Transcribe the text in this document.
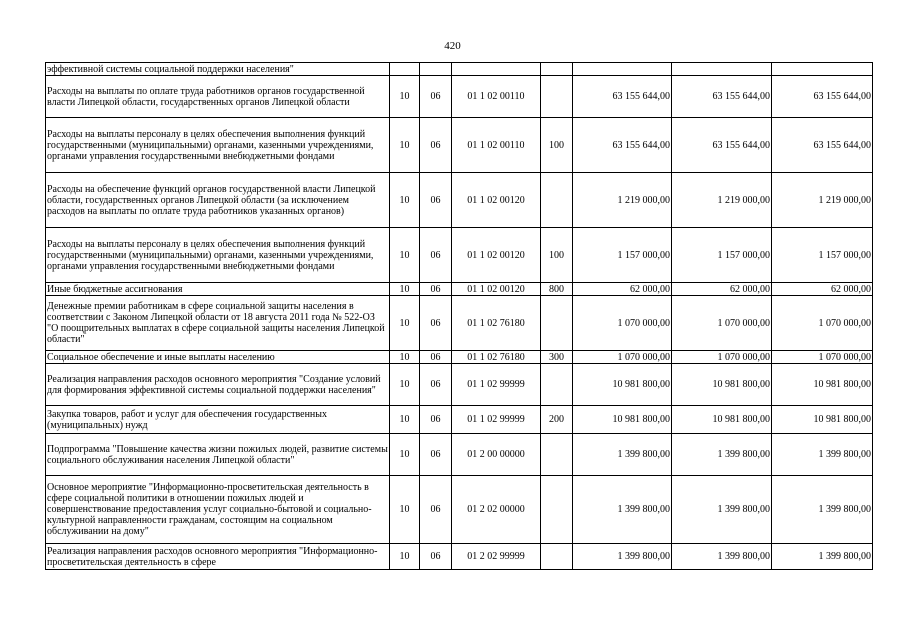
420
эффективной системы социальной поддержки населения"							
Расходы на выплаты по оплате труда работников органов государственной власти Липецкой области, государственных органов Липецкой области	10	06	01 1 02 00110		63 155 644,00	63 155 644,00	63 155 644,00
Расходы на выплаты персоналу в целях обеспечения выполнения функций государственными (муниципальными) органами, казенными учреждениями, органами управления государственными внебюджетными фондами	10	06	01 1 02 00110	100	63 155 644,00	63 155 644,00	63 155 644,00
Расходы на обеспечение функций органов государственной власти Липецкой области, государственных органов Липецкой области (за исключением расходов на выплаты по оплате труда работников указанных органов)	10	06	01 1 02 00120		1 219 000,00	1 219 000,00	1 219 000,00
Расходы на выплаты персоналу в целях обеспечения выполнения функций государственными (муниципальными) органами, казенными учреждениями, органами управления государственными внебюджетными фондами	10	06	01 1 02 00120	100	1 157 000,00	1 157 000,00	1 157 000,00
Иные бюджетные ассигнования	10	06	01 1 02 00120	800	62 000,00	62 000,00	62 000,00
Денежные премии работникам в сфере социальной защиты населения в соответствии с Законом Липецкой области от 18 августа 2011 года № 522-ОЗ "О поощрительных выплатах в сфере социальной защиты населения Липецкой области"	10	06	01 1 02 76180		1 070 000,00	1 070 000,00	1 070 000,00
Социальное обеспечение и иные выплаты населению	10	06	01 1 02 76180	300	1 070 000,00	1 070 000,00	1 070 000,00
Реализация направления расходов основного мероприятия "Создание условий для формирования эффективной системы социальной поддержки населения"	10	06	01 1 02 99999		10 981 800,00	10 981 800,00	10 981 800,00
Закупка товаров, работ и услуг для обеспечения государственных (муниципальных) нужд	10	06	01 1 02 99999	200	10 981 800,00	10 981 800,00	10 981 800,00
Подпрограмма "Повышение качества жизни пожилых людей, развитие системы социального обслуживания населения Липецкой области"	10	06	01 2 00 00000		1 399 800,00	1 399 800,00	1 399 800,00
Основное мероприятие "Информационно-просветительская деятельность в сфере социальной политики в отношении пожилых людей и совершенствование предоставления услуг социально-бытовой и социально-культурной направленности гражданам, состоящим на социальном обслуживании на дому"	10	06	01 2 02 00000		1 399 800,00	1 399 800,00	1 399 800,00
Реализация направления расходов основного мероприятия "Информационно-просветительская деятельность в сфере	10	06	01 2 02 99999		1 399 800,00	1 399 800,00	1 399 800,00
